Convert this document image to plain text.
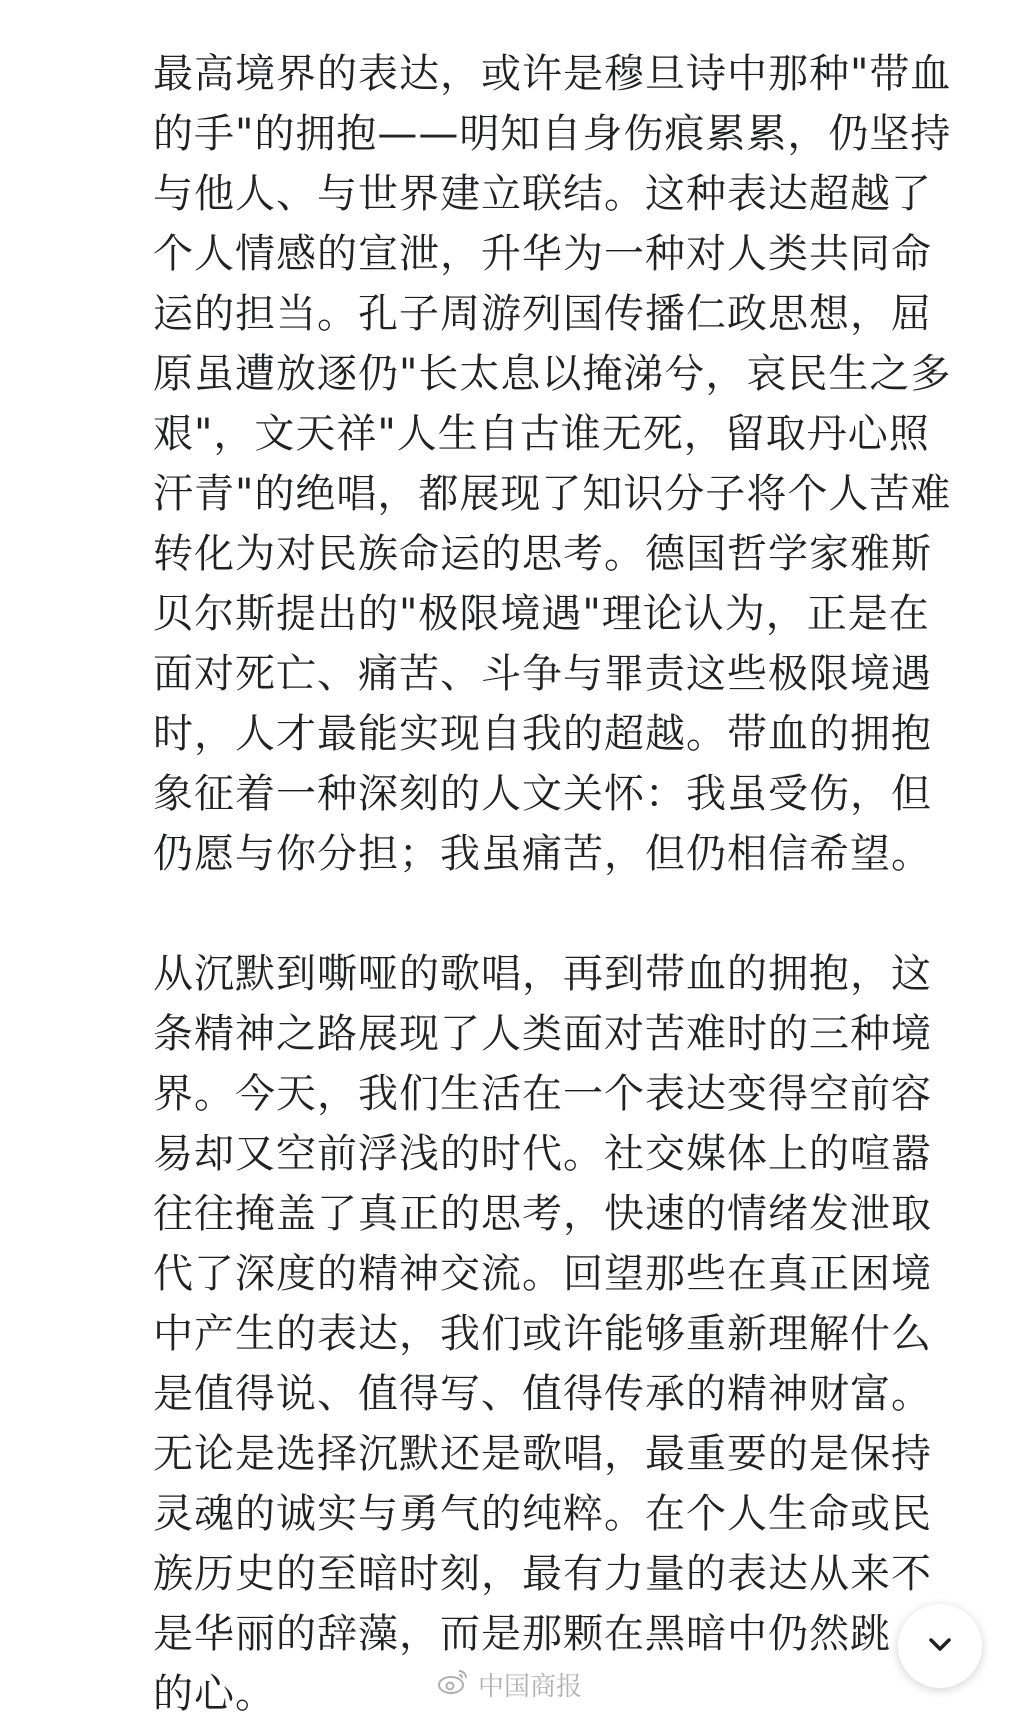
最高境界的表达，或许是穆旦诗中那种"带血
的手"的拥抱——明知自身伤痕累累，仍坚持
与他人、与世界建立联结。这种表达超越了
个人情感的宣泄，升华为一种对人类共同命
运的担当。孔子周游列国传播仁政思想，屈
原虽遭放逐仍"长太息以掩涕兮，哀民生之多
艰"，文天祥"人生自古谁无死，留取丹心照
汗青"的绝唱，都展现了知识分子将个人苦难
转化为对民族命运的思考。德国哲学家雅斯
贝尔斯提出的"极限境遇"理论认为，正是在
面对死亡、痛苦、斗争与罪责这些极限境遇
时，人才最能实现自我的超越。带血的拥抱
象征着一种深刻的人文关怀：我虽受伤，但
仍愿与你分担；我虽痛苦，但仍相信希望。
从沉默到嘶哑的歌唱，再到带血的拥抱，这
条精神之路展现了人类面对苦难时的三种境
界。今天，我们生活在一个表达变得空前容
易却又空前浮浅的时代。社交媒体上的喧嚣
往往掩盖了真正的思考，快速的情绪发泄取
代了深度的精神交流。回望那些在真正困境
中产生的表达，我们或许能够重新理解什么
是值得说、值得写、值得传承的精神财富。
无论是选择沉默还是歌唱，最重要的是保持
灵魂的诚实与勇气的纯粹。在个人生命或民
族历史的至暗时刻，最有力量的表达从来不
是华丽的辞藻，而是那颗在黑暗中仍然跳
的心。	中国商报
